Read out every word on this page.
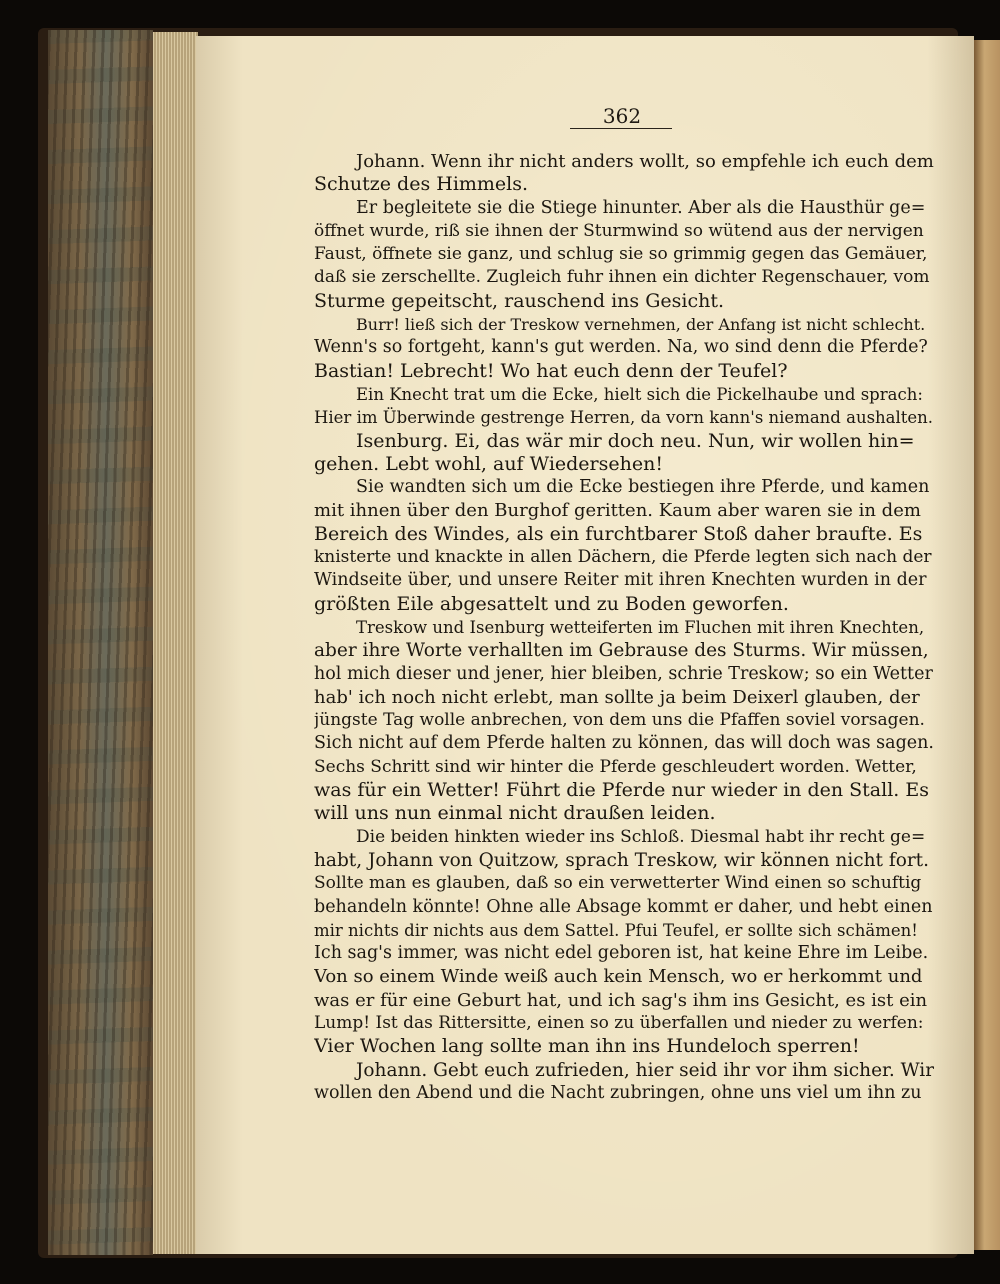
362
Johann. Wenn ihr nicht anders wollt, so empfehle ich euch dem
Schutze des Himmels.
Er begleitete sie die Stiege hinunter. Aber als die Hausthür ge=
öffnet wurde, riß sie ihnen der Sturmwind so wütend aus der nervigen
Faust, öffnete sie ganz, und schlug sie so grimmig gegen das Gemäuer,
daß sie zerschellte. Zugleich fuhr ihnen ein dichter Regenschauer, vom
Sturme gepeitscht, rauschend ins Gesicht.
Burr! ließ sich der Treskow vernehmen, der Anfang ist nicht schlecht.
Wenn's so fortgeht, kann's gut werden. Na, wo sind denn die Pferde?
Bastian! Lebrecht! Wo hat euch denn der Teufel?
Ein Knecht trat um die Ecke, hielt sich die Pickelhaube und sprach:
Hier im Überwinde gestrenge Herren, da vorn kann's niemand aushalten.
Isenburg. Ei, das wär mir doch neu. Nun, wir wollen hin=
gehen. Lebt wohl, auf Wiedersehen!
Sie wandten sich um die Ecke bestiegen ihre Pferde, und kamen
mit ihnen über den Burghof geritten. Kaum aber waren sie in dem
Bereich des Windes, als ein furchtbarer Stoß daher braufte. Es
knisterte und knackte in allen Dächern, die Pferde legten sich nach der
Windseite über, und unsere Reiter mit ihren Knechten wurden in der
größten Eile abgesattelt und zu Boden geworfen.
Treskow und Isenburg wetteiferten im Fluchen mit ihren Knechten,
aber ihre Worte verhallten im Gebrause des Sturms. Wir müssen,
hol mich dieser und jener, hier bleiben, schrie Treskow; so ein Wetter
hab' ich noch nicht erlebt, man sollte ja beim Deixerl glauben, der
jüngste Tag wolle anbrechen, von dem uns die Pfaffen soviel vorsagen.
Sich nicht auf dem Pferde halten zu können, das will doch was sagen.
Sechs Schritt sind wir hinter die Pferde geschleudert worden. Wetter,
was für ein Wetter! Führt die Pferde nur wieder in den Stall. Es
will uns nun einmal nicht draußen leiden.
Die beiden hinkten wieder ins Schloß. Diesmal habt ihr recht ge=
habt, Johann von Quitzow, sprach Treskow, wir können nicht fort.
Sollte man es glauben, daß so ein verwetterter Wind einen so schuftig
behandeln könnte! Ohne alle Absage kommt er daher, und hebt einen
mir nichts dir nichts aus dem Sattel. Pfui Teufel, er sollte sich schämen!
Ich sag's immer, was nicht edel geboren ist, hat keine Ehre im Leibe.
Von so einem Winde weiß auch kein Mensch, wo er herkommt und
was er für eine Geburt hat, und ich sag's ihm ins Gesicht, es ist ein
Lump! Ist das Rittersitte, einen so zu überfallen und nieder zu werfen:
Vier Wochen lang sollte man ihn ins Hundeloch sperren!
Johann. Gebt euch zufrieden, hier seid ihr vor ihm sicher. Wir
wollen den Abend und die Nacht zubringen, ohne uns viel um ihn zu
